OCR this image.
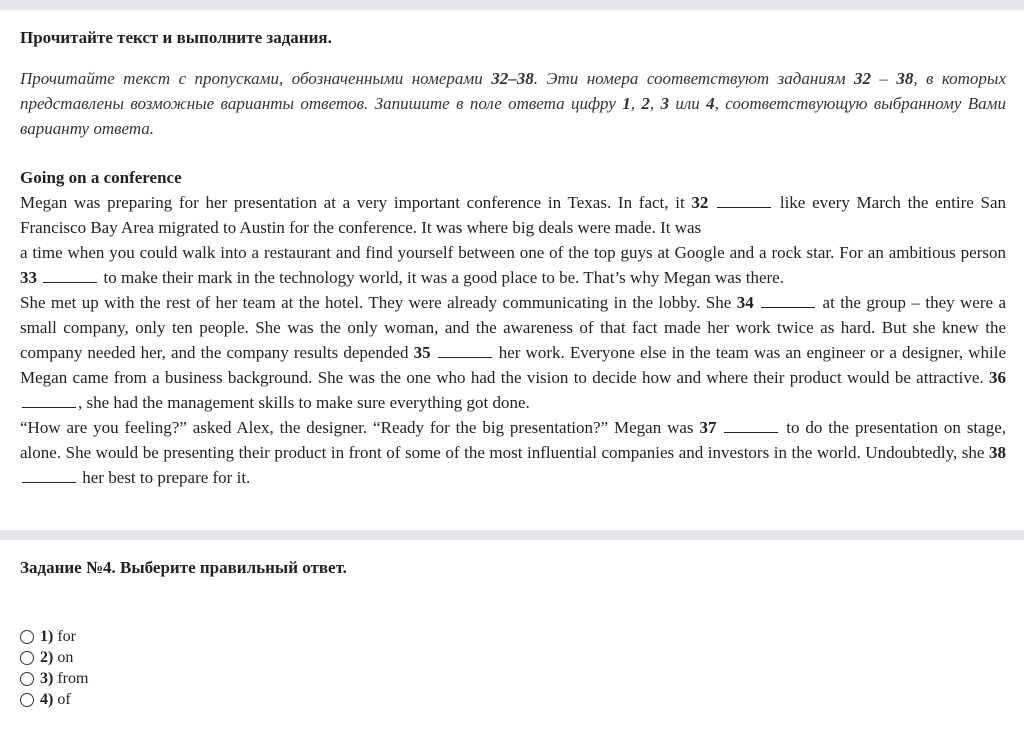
Прочитайте текст и выполните задания.
Прочитайте текст с пропусками, обозначенными номерами 32–38. Эти номера соответствуют заданиям 32 – 38, в которых представлены возможные варианты ответов. Запишите в поле ответа цифру 1, 2, 3 или 4, соответствующую выбранному Вами варианту ответа.
Going on a conference

Megan was preparing for her presentation at a very important conference in Texas. In fact, it 32	like every March the entire San Francisco Bay Area migrated to Austin for the conference. It was where big deals were made. It was

a time when you could walk into a restaurant and find yourself between one of the top guys at Google and a rock star. For an ambitious person 33	to make their mark in the technology world, it was a good place to be. That’s why Megan was there.

She met up with the rest of her team at the hotel. They were already communicating in the lobby. She 34	at the group – they were a small company, only ten people. She was the only woman, and the awareness of that fact made her work twice as hard. But she knew the company needed her, and the company results depended 35	her work. Everyone else in the team was an engineer or a designer, while Megan came from a business background. She was the one who had the vision to decide how and where their product would be attractive. 36 , she had the management skills to make sure everything got done.

“How are you feeling?” asked Alex, the designer. “Ready for the big presentation?” Megan was 37	to do the presentation on stage, alone. She would be presenting their product in front of some of the most influential companies and investors in the world. Undoubtedly, she 38  her best to prepare for it.

Задание №4. Выберите правильный ответ.
1) for
2) on
3) from
4) of
